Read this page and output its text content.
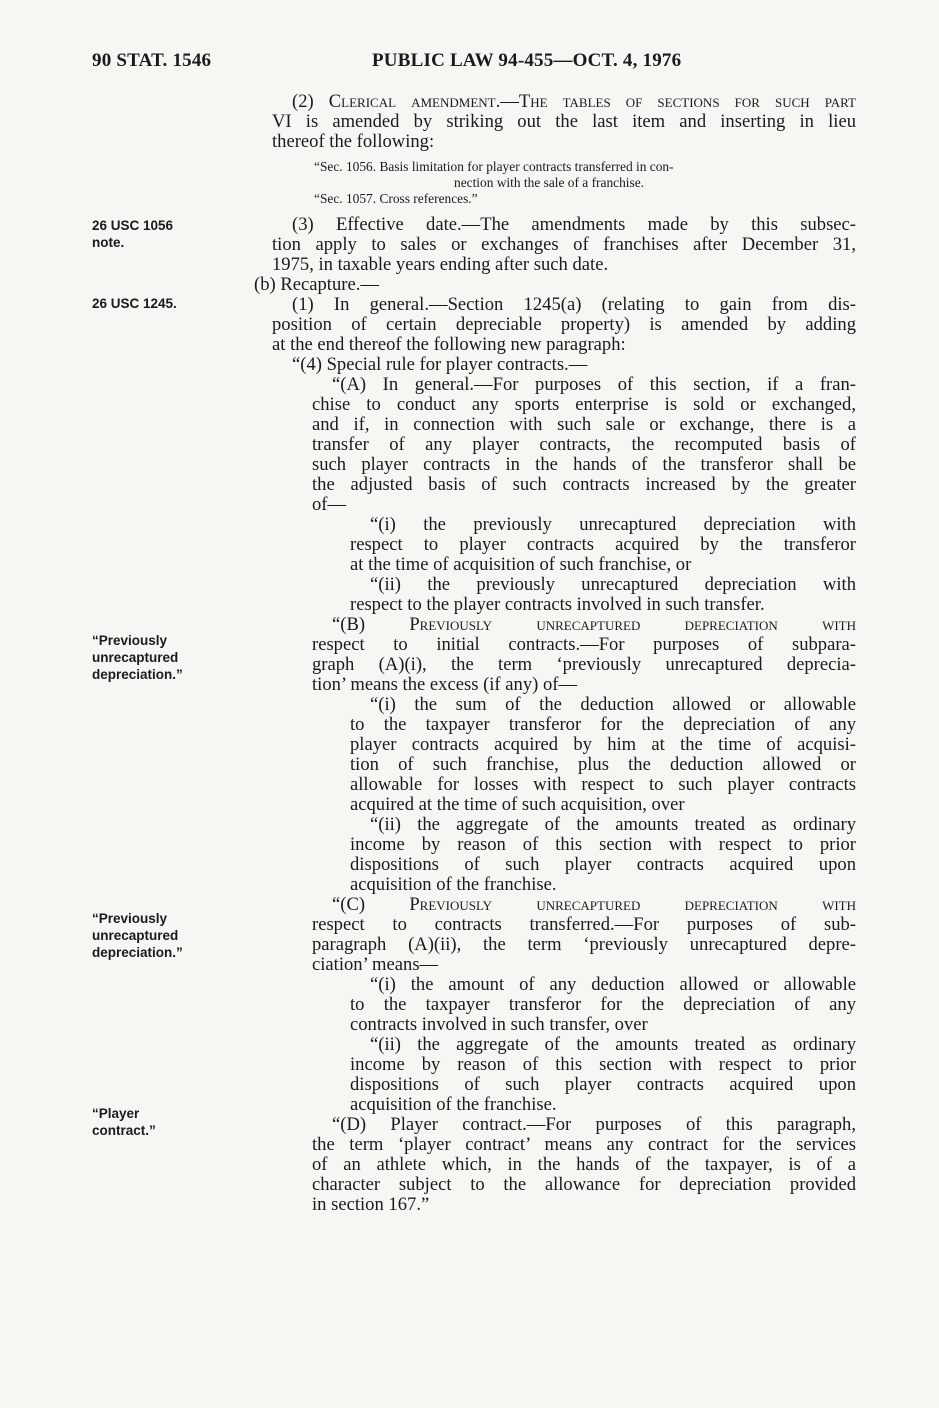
90 STAT. 1546	PUBLIC LAW 94-455—OCT. 4, 1976
26 USC 1056
note.
26 USC 1245.
“Previously
unrecaptured
depreciation.”
“Previously
unrecaptured
depreciation.”
“Player
contract.”
(2) Clerical amendment.—The tables of sections for such part
VI is amended by striking out the last item and inserting in lieu
thereof the following:
“Sec. 1056. Basis limitation for player contracts transferred in con-
nection with the sale of a franchise.
“Sec. 1057. Cross references.”
(3) Effective date.—The amendments made by this subsec-
tion apply to sales or exchanges of franchises after December 31,
1975, in taxable years ending after such date.
(b) Recapture.—
(1) In general.—Section 1245(a) (relating to gain from dis-
position of certain depreciable property) is amended by adding
at the end thereof the following new paragraph:
“(4) Special rule for player contracts.—
“(A) In general.—For purposes of this section, if a fran-
chise to conduct any sports enterprise is sold or exchanged,
and if, in connection with such sale or exchange, there is a
transfer of any player contracts, the recomputed basis of
such player contracts in the hands of the transferor shall be
the adjusted basis of such contracts increased by the greater
of—
“(i) the previously unrecaptured depreciation with
respect to player contracts acquired by the transferor
at the time of acquisition of such franchise, or
“(ii) the previously unrecaptured depreciation with
respect to the player contracts involved in such transfer.
“(B) Previously unrecaptured depreciation with
respect to initial contracts.—For purposes of subpara-
graph (A)(i), the term ‘previously unrecaptured deprecia-
tion’ means the excess (if any) of—
“(i) the sum of the deduction allowed or allowable
to the taxpayer transferor for the depreciation of any
player contracts acquired by him at the time of acquisi-
tion of such franchise, plus the deduction allowed or
allowable for losses with respect to such player contracts
acquired at the time of such acquisition, over
“(ii) the aggregate of the amounts treated as ordinary
income by reason of this section with respect to prior
dispositions of such player contracts acquired upon
acquisition of the franchise.
“(C) Previously unrecaptured depreciation with
respect to contracts transferred.—For purposes of sub-
paragraph (A)(ii), the term ‘previously unrecaptured depre-
ciation’ means—
“(i) the amount of any deduction allowed or allowable
to the taxpayer transferor for the depreciation of any
contracts involved in such transfer, over
“(ii) the aggregate of the amounts treated as ordinary
income by reason of this section with respect to prior
dispositions of such player contracts acquired upon
acquisition of the franchise.
“(D) Player contract.—For purposes of this paragraph,
the term ‘player contract’ means any contract for the services
of an athlete which, in the hands of the taxpayer, is of a
character subject to the allowance for depreciation provided
in section 167.”
